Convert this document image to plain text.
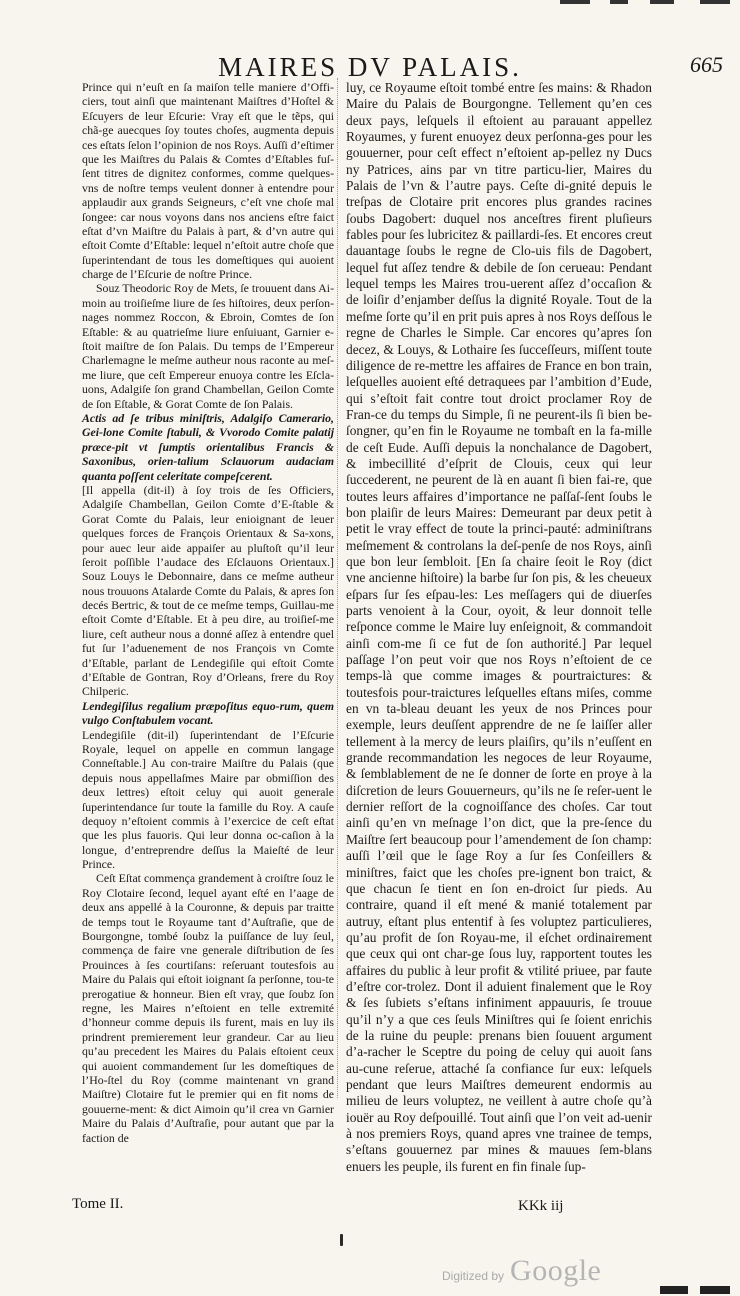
MAIRES DV PALAIS.	665

Prince qui n’euſt en ſa maiſon telle maniere d’Offi-ciers, tout ainſi que maintenant Maiſtres d’Hoſtel & Eſcuyers de leur Eſcurie: Vray eſt que le tẽps, qui chã-ge auecques ſoy toutes choſes, augmenta depuis ces eſtats ſelon l’opinion de nos Roys. Auſſi d’eſtimer que les Maiſtres du Palais & Comtes d’Eſtables fuſ-ſent titres de dignitez conformes, comme quelques-vns de noſtre temps veulent donner à entendre pour applaudir aux grands Seigneurs, c’eſt vne choſe mal ſongee: car nous voyons dans nos anciens eſtre faict eſtat d’vn Maiſtre du Palais à part, & d’vn autre qui eſtoit Comte d’Eſtable: lequel n’eſtoit autre choſe que ſuperintendant de tous les domeſtiques qui auoient charge de l’Eſcurie de noſtre Prince.

Souz Theodoric Roy de Mets, ſe trouuent dans Ai-moin au troiſieſme liure de ſes hiſtoires, deux perſon-nages nommez Roccon, & Ebroin, Comtes de ſon Eſtable: & au quatrieſme liure enſuiuant, Garnier e-ſtoit maiſtre de ſon Palais. Du temps de l’Empereur Charlemagne le meſme autheur nous raconte au meſ-me liure, que ceſt Empereur enuoya contre les Eſcla-uons, Adalgiſe ſon grand Chambellan, Geilon Comte de ſon Eſtable, & Gorat Comte de ſon Palais.

Actis ad ſe tribus miniſtris, Adalgiſo Camerario, Gei-lone Comite ſtabuli, & Vvorodo Comite palatij præce-pit vt ſumptis orientalibus Francis & Saxonibus, orien-talium Sclauorum audaciam quanta poſſent celeritate compeſcerent.

[Il appella (dit-il) à ſoy trois de ſes Officiers, Adalgiſe Chambellan, Geilon Comte d’E-ſtable & Gorat Comte du Palais, leur enioignant de leuer quelques forces de François Orientaux & Sa-xons, pour auec leur aide appaiſer au pluſtoſt qu’il leur ſeroit poſſible l’audace des Eſclauons Orientaux.] Souz Louys le Debonnaire, dans ce meſme autheur nous trouuons Atalarde Comte du Palais, & apres ſon decés Bertric, & tout de ce meſme temps, Guillau-me eſtoit Comte d’Eſtable. Et à peu dire, au troiſieſ-me liure, ceſt autheur nous a donné aſſez à entendre quel fut ſur l’aduenement de nos François vn Comte d’Eſtable, parlant de Lendegiſile qui eſtoit Comte d’Eſtable de Gontran, Roy d’Orleans, frere du Roy Chilperic.

Lendegiſilus regalium præpoſitus equo-rum, quem vulgo Conſtabulem vocant.

Lendegiſile (dit-il) ſuperintendant de l’Eſcurie Royale, lequel on appelle en commun langage Conneſtable.] Au con-traire Maiſtre du Palais (que depuis nous appellaſmes Maire par obmiſſion des deux lettres) eſtoit celuy qui auoit generale ſuperintendance ſur toute la famille du Roy. A cauſe dequoy n’eſtoient commis à l’exercice de ceſt eſtat que les plus fauoris. Qui leur donna oc-caſion à la longue, d’entreprendre deſſus la Maieſté de leur Prince.

Ceſt Eſtat commença grandement à croiſtre ſouz le Roy Clotaire ſecond, lequel ayant eſté en l’aage de deux ans appellé à la Couronne, & depuis par traitte de temps tout le Royaume tant d’Auſtraſie, que de Bourgongne, tombé ſoubz la puiſſance de luy ſeul, commença de faire vne generale diſtribution de ſes Prouinces à ſes courtiſans: reſeruant toutesfois au Maire du Palais qui eſtoit ioignant ſa perſonne, tou-te prerogatiue & honneur. Bien eſt vray, que ſoubz ſon regne, les Maires n’eſtoient en telle extremité d’honneur comme depuis ils furent, mais en luy ils prindrent premierement leur grandeur. Car au lieu qu’au precedent les Maires du Palais eſtoient ceux qui auoient commandement ſur les domeſtiques de l’Ho-ſtel du Roy (comme maintenant vn grand Maiſtre) Clotaire fut le premier qui en fit noms de gouuerne-ment: & dict Aimoin qu’il crea vn Garnier Maire du Palais d’Auſtraſie, pour autant que par la faction de

luy, ce Royaume eſtoit tombé entre ſes mains: & Rhadon Maire du Palais de Bourgongne. Tellement qu’en ces deux pays, leſquels il eſtoient au parauant appellez Royaumes, y furent enuoyez deux perſonna-ges pour les gouuerner, pour ceſt effect n’eſtoient ap-pellez ny Ducs ny Patrices, ains par vn titre particu-lier, Maires du Palais de l’vn & l’autre pays. Ceſte di-gnité depuis le treſpas de Clotaire prit encores plus grandes racines ſoubs Dagobert: duquel nos anceſtres firent pluſieurs fables pour ſes lubricitez & paillardi-ſes. Et encores creut dauantage ſoubs le regne de Clo-uis fils de Dagobert, lequel fut aſſez tendre & debile de ſon cerueau: Pendant lequel temps les Maires trou-uerent aſſez d’occaſion & de loiſir d’enjamber deſſus la dignité Royale. Tout de la meſme ſorte qu’il en prit puis apres à nos Roys deſſous le regne de Charles le Simple. Car encores qu’apres ſon decez, & Louys, & Lothaire ſes ſucceſſeurs, miſſent toute diligence de re-mettre les affaires de France en bon train, leſquelles auoient eſté detraquees par l’ambition d’Eude, qui s’eſtoit fait contre tout droict proclamer Roy de Fran-ce du temps du Simple, ſi ne peurent-ils ſi bien be-ſongner, qu’en fin le Royaume ne tombaſt en la fa-mille de ceſt Eude. Auſſi depuis la nonchalance de Dagobert, & imbecillité d’eſprit de Clouis, ceux qui leur ſuccederent, ne peurent de là en auant ſi bien fai-re, que toutes leurs affaires d’importance ne paſſaſ-ſent ſoubs le bon plaiſir de leurs Maires: Demeurant par deux petit à petit le vray effect de toute la princi-pauté: adminiſtrans meſmement & controlans la deſ-penſe de nos Roys, ainſi que bon leur ſembloit. [En ſa chaire ſeoit le Roy (dict vne ancienne hiſtoire) la barbe ſur ſon pis, & les cheueux eſpars ſur ſes eſpau-les: Les meſſagers qui de diuerſes parts venoient à la Cour, oyoit, & leur donnoit telle reſponce comme le Maire luy enſeignoit, & commandoit ainſi com-me ſi ce fut de ſon authorité.] Par lequel paſſage l’on peut voir que nos Roys n’eſtoient de ce temps-là que comme images & pourtraictures: & toutesfois pour-traictures leſquelles eſtans miſes, comme en vn ta-bleau deuant les yeux de nos Princes pour exemple, leurs deuſſent apprendre de ne ſe laiſſer aller tellement à la mercy de leurs plaiſirs, qu’ils n’euſſent en grande recommandation les negoces de leur Royaume, & ſemblablement de ne ſe donner de ſorte en proye à la diſcretion de leurs Gouuerneurs, qu’ils ne ſe reſer-uent le dernier reſſort de la cognoiſſance des choſes. Car tout ainſi qu’en vn meſnage l’on dict, que la pre-ſence du Maiſtre ſert beaucoup pour l’amendement de ſon champ: auſſi l’œil que le ſage Roy a ſur ſes Conſeillers & miniſtres, faict que les choſes pre-ignent bon traict, & que chacun ſe tient en ſon en-droict ſur pieds. Au contraire, quand il eſt mené & manié totalement par autruy, eſtant plus ententif à ſes voluptez particulieres, qu’au profit de ſon Royau-me, il eſchet ordinairement que ceux qui ont char-ge ſous luy, rapportent toutes les affaires du public à leur profit & vtilité priuee, par faute d’eſtre cor-trolez. Dont il aduient finalement que le Roy & ſes ſubiets s’eſtans infiniment appauuris, ſe trouue qu’il n’y a que ces ſeuls Miniſtres qui ſe ſoient enrichis de la ruine du peuple: prenans bien ſouuent argument d’a-racher le Sceptre du poing de celuy qui auoit ſans au-cune reſerue, attaché ſa confiance ſur eux: leſquels pendant que leurs Maiſtres demeurent endormis au milieu de leurs voluptez, ne veillent à autre choſe qu’à iouër au Roy deſpouillé. Tout ainſi que l’on veit ad-uenir à nos premiers Roys, quand apres vne trainee de temps, s’eſtans gouuernez par mines & mauues ſem-blans enuers les peuple, ils furent en fin finale ſup-

Tome II.	KKk iij
Digitized by Google
